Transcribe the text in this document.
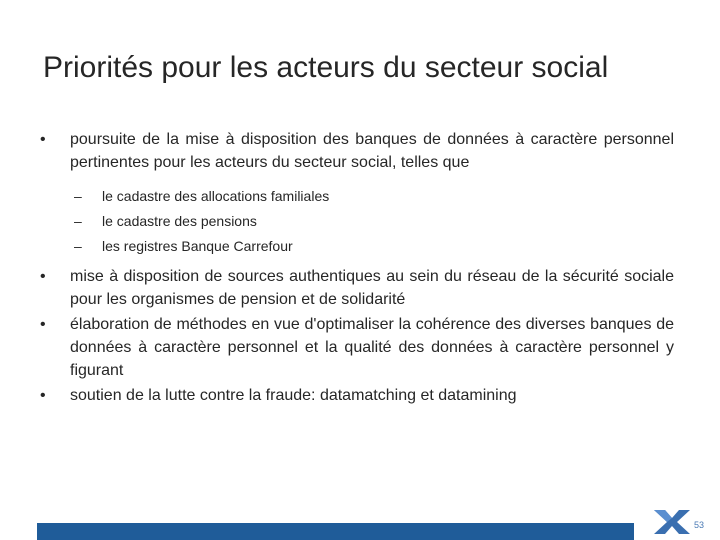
Priorités pour les acteurs du secteur social
•	poursuite de la mise à disposition des banques de données à caractère personnel pertinentes pour les acteurs du secteur social, telles que
– le cadastre des allocations familiales
– le cadastre des pensions
– les registres Banque Carrefour
•	mise à disposition de sources authentiques au sein du réseau de la sécurité sociale pour les organismes de pension et de solidarité
•	élaboration de méthodes en vue d'optimaliser la cohérence des diverses banques de données à caractère personnel et la qualité des données à caractère personnel y figurant
•	soutien de la lutte contre la fraude: datamatching et datamining
53
